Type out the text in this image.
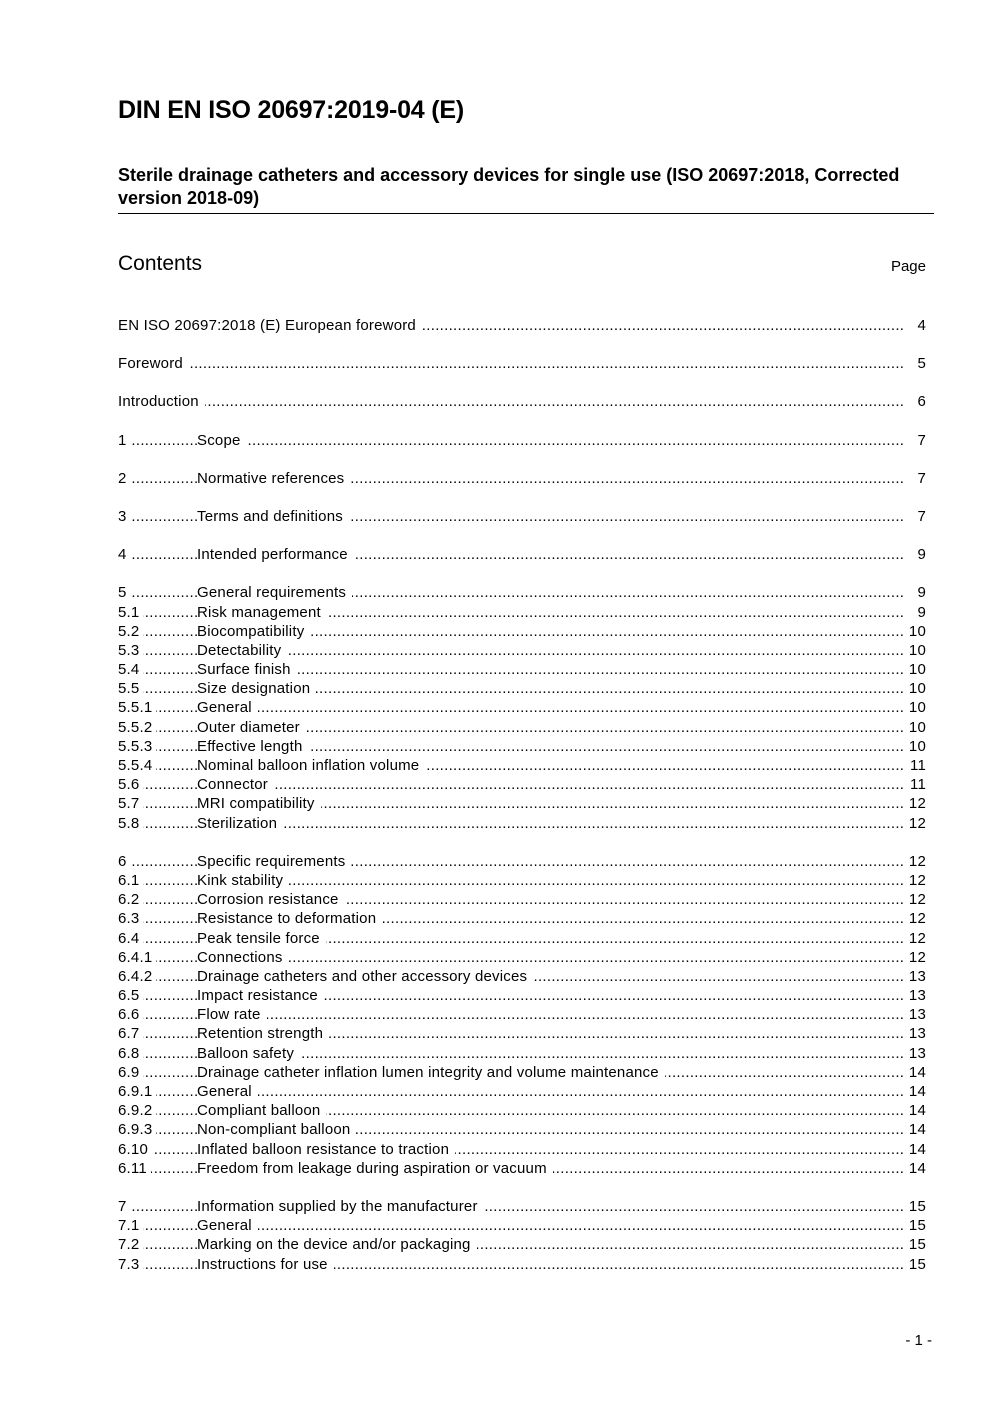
DIN EN ISO 20697:2019-04 (E)
Sterile drainage catheters and accessory devices for single use (ISO 20697:2018, Corrected version 2018-09)
Contents	Page
.....
EN ISO 20697:2018 (E) European foreword	4
.....
Foreword	5
.....
Introduction	6
.....
1	Scope	7
.....
2	Normative references	7
.....
3	Terms and definitions	7
.....
4	Intended performance	9
.....
5	General requirements	9
.....
5.1	Risk management	9
.....
5.2	Biocompatibility	10
.....
5.3	Detectability	10
.....
5.4	Surface finish	10
.....
5.5	Size designation	10
.....
5.5.1	General	10
.....
5.5.2	Outer diameter	10
.....
5.5.3	Effective length	10
.....
5.5.4	Nominal balloon inflation volume	11
.....
5.6	Connector	11
.....
5.7	MRI compatibility	12
.....
5.8	Sterilization	12
.....
6	Specific requirements	12
.....
6.1	Kink stability	12
.....
6.2	Corrosion resistance	12
.....
6.3	Resistance to deformation	12
.....
6.4	Peak tensile force	12
.....
6.4.1	Connections	12
.....
6.4.2	Drainage catheters and other accessory devices	13
.....
6.5	Impact resistance	13
.....
6.6	Flow rate	13
.....
6.7	Retention strength	13
.....
6.8	Balloon safety	13
.....
6.9	Drainage catheter inflation lumen integrity and volume maintenance	14
.....
6.9.1	General	14
.....
6.9.2	Compliant balloon	14
.....
6.9.3	Non-compliant balloon	14
.....
6.10	Inflated balloon resistance to traction	14
.....
6.11	Freedom from leakage during aspiration or vacuum	14
.....
7	Information supplied by the manufacturer	15
.....
7.1	General	15
.....
7.2	Marking on the device and/or packaging	15
.....
7.3	Instructions for use	15
- 1 -
